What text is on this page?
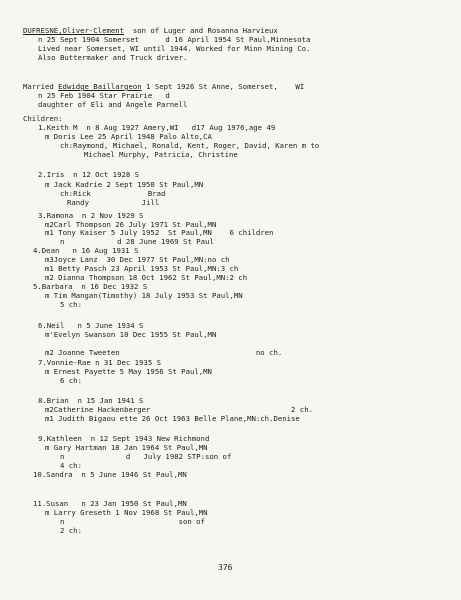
DUFRESNE,Oliver-Clement  son of Luger and Rosanna Harvieux
n 25 Sept 1904 Somerset      d 16 April 1954 St Paul,Minnesota
Lived near Somerset, WI until 1944. Worked for Minn Mining Co.
Also Buttermaker and Truck driver.
Married Edwidge Baillargeon 1 Sept 1926 St Anne, Somerset,    WI
n 25 Feb 1904 Star Prairie   d
daughter of Eli and Angele Parnell
Children:
1.Keith M  n 8 Aug 1927 Amery,WI   d17 Aug 1976,age 49
m Doris Lee 25 April 1948 Palo Alto,CA
ch:Raymond, Michael, Ronald, Kent, Roger, David, Karen m to
Michael Murphy, Patricia, Christine
2.Iris  n 12 Oct 1928 S
m Jack Kadrie 2 Sept 1950 St Paul,MN
ch:Rick             Brad
Randy            Jill
3.Ramona  n 2 Nov 1929 S
m2Carl Thompson 26 July 1971 St Paul,MN
m1 Tony Kaiser 5 July 1952  St Paul,MN    6 children
n            d 28 June 1969 St Paul
4.Dean   n 16 Aug 1931 S
m3Joyce Lanz  30 Dec 1977 St Paul,MN:no ch
m1 Betty Pasch 23 April 1953 St Paul,MN:3 ch
m2 Dianna Thompson 18 Oct 1962 St Paul,MN:2 ch
5.Barbara  n 16 Dec 1932 S
m Tim Mangan(Timothy) 18 July 1953 St Paul,MN
5 ch:
6.Neil   n 5 June 1934 S
m'Evelyn Swanson 10 Dec 1955 St Paul,MN
m2 Joanne Tweeten                               no ch.
7.Vonnie-Rae n 31 Dec 1935 S
m Ernest Payette 5 May 1956 St Paul,MN
6 ch:
8.Brian  n 15 Jan 1941 S
m2Catherine Hackenberger                                2 ch.
m1 Judith Bigaou ette 26 Oct 1963 Belle Plane,MN:ch.Denise
9.Kathleen  n 12 Sept 1943 New Richmond
m Gary Hartman 18 Jan 1964 St Paul,MN
n              d   July 1982 STP:son of
4 ch:
10.Sandra  n 5 June 1946 St Paul,MN
11.Susan   n 23 Jan 1950 St Paul,MN
m Larry Greseth 1 Nov 1968 St Paul,MN
n                          son of
2 ch:
376
